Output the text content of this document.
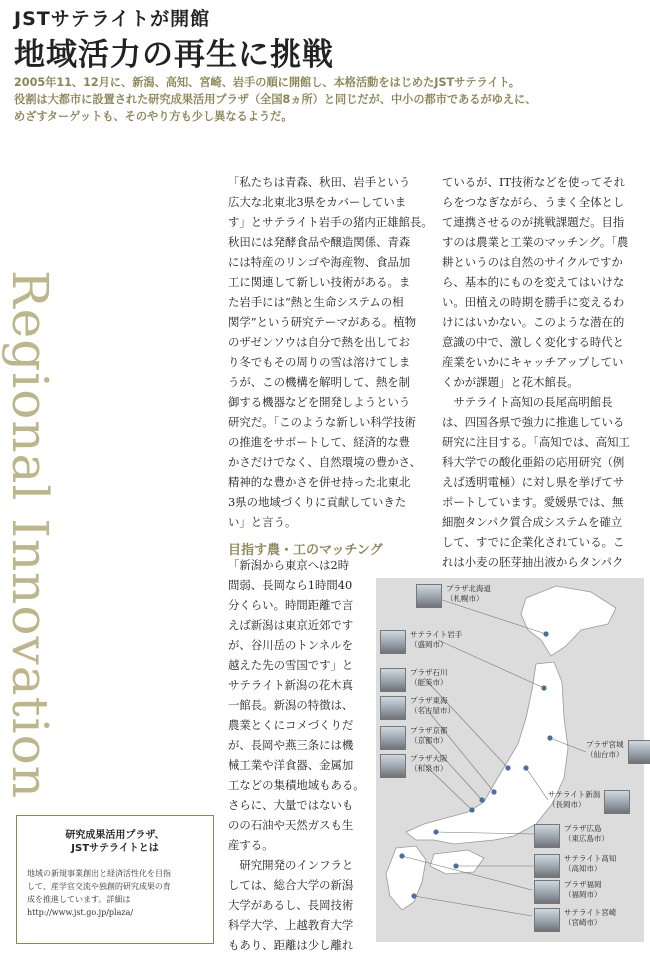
JSTサテライトが開館
地域活力の再生に挑戦
2005年11、12月に、新潟、高知、宮崎、岩手の順に開館し、本格活動をはじめたJSTサテライト。
役割は大都市に設置された研究成果活用プラザ（全国8ヵ所）と同じだが、中小の都市であるがゆえに、
めざすターゲットも、そのやり方も少し異なるようだ。
Regional Innovation
「私たちは青森、秋田、岩手という
広大な北東北3県をカバーしていま
す」とサテライト岩手の猪内正雄館長。
秋田には発酵食品や醸造関係、青森
には特産のリンゴや海産物、食品加
工に関連して新しい技術がある。ま
た岩手には“熱と生命システムの相
関学”という研究テーマがある。植物
のザゼンソウは自分で熱を出してお
り冬でもその周りの雪は溶けてしま
うが、この機構を解明して、熱を制
御する機器などを開発しようという
研究だ。「このような新しい科学技術
の推進をサポートして、経済的な豊
かさだけでなく、自然環境の豊かさ、
精神的な豊かさを併せ持った北東北
3県の地域づくりに貢献していきた
い」と言う。
ているが、IT技術などを使ってそれ
らをつなぎながら、うまく全体とし
て連携させるのが挑戦課題だ。目指
すのは農業と工業のマッチング。「農
耕というのは自然のサイクルですか
ら、基本的にものを変えてはいけな
い。田植えの時期を勝手に変えるわ
けにはいかない。このような潜在的
意識の中で、激しく変化する時代と
産業をいかにキャッチアップしてい
くかが課題」と花木館長。
　サテライト高知の長尾高明館長
は、四国各県で強力に推進している
研究に注目する。「高知では、高知工
科大学での酸化亜鉛の応用研究（例
えば透明電極）に対し県を挙げてサ
ポートしています。愛媛県では、無
細胞タンパク質合成システムを確立
して、すでに企業化されている。こ
れは小麦の胚芽抽出液からタンパク
目指す農・工のマッチング
「新潟から東京へは2時
間弱、長岡なら1時間40
分くらい。時間距離で言
えば新潟は東京近郊です
が、谷川岳のトンネルを
越えた先の雪国です」と
サテライト新潟の花木真
一館長。新潟の特徴は、
農業とくにコメづくりだ
が、長岡や燕三条には機
械工業や洋食器、金属加
工などの集積地域もある。
さらに、大量ではないも
のの石油や天然ガスも生
産する。
　研究開発のインフラと
しては、総合大学の新潟
大学があるし、長岡技術
科学大学、上越教育大学
もあり、距離は少し離れ
研究成果活用プラザ、
JSTサテライトとは
地域の新規事業創出と経済活性化を目指
して、産学官交流や独創的研究成果の育
成を推進しています。詳細は
http://www.jst.go.jp/plaza/
プラザ北海道
（札幌市）
サテライト岩手
（盛岡市）
プラザ石川
（能美市）
プラザ東海
（名古屋市）
プラザ京都
（京都市）
プラザ大阪
（和泉市）
プラザ宮城
（仙台市）
サテライト新潟
（長岡市）
プラザ広島
（東広島市）
サテライト高知
（高知市）
プラザ福岡
（福岡市）
サテライト宮崎
（宮崎市）
